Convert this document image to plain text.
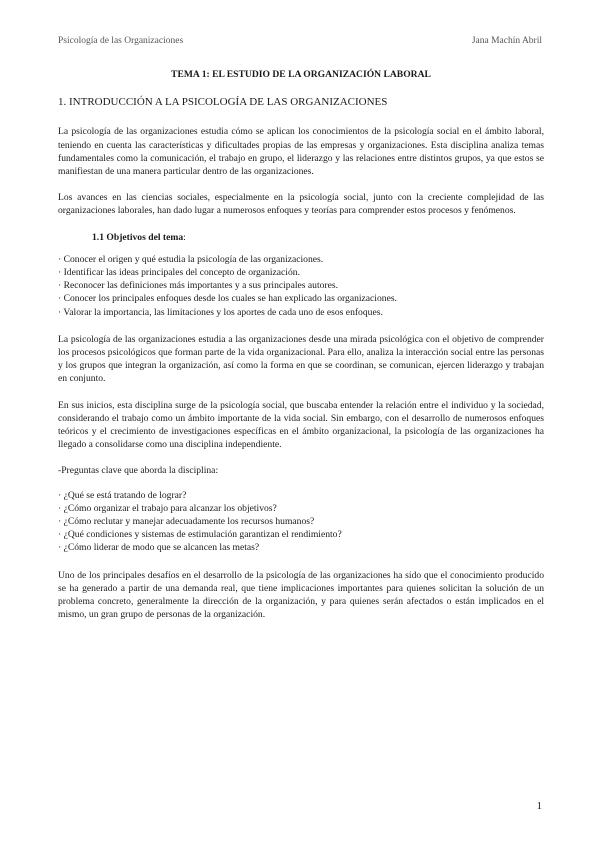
Psicología de las Organizaciones	Jana Machín Abril
TEMA 1: EL ESTUDIO DE LA ORGANIZACIÓN LABORAL
1. INTRODUCCIÓN A LA PSICOLOGÍA DE LAS ORGANIZACIONES

La psicología de las organizaciones estudia cómo se aplican los conocimientos de la psicología social en el ámbito laboral, teniendo en cuenta las características y dificultades propias de las empresas y organizaciones. Esta disciplina analiza temas fundamentales como la comunicación, el trabajo en grupo, el liderazgo y las relaciones entre distintos grupos, ya que estos se manifiestan de una manera particular dentro de las organizaciones.

Los avances en las ciencias sociales, especialmente en la psicología social, junto con la creciente complejidad de las organizaciones laborales, han dado lugar a numerosos enfoques y teorías para comprender estos procesos y fenómenos.

1.1 Objetivos del tema:
· Conocer el origen y qué estudia la psicología de las organizaciones.
· Identificar las ideas principales del concepto de organización.
· Reconocer las definiciones más importantes y a sus principales autores.
· Conocer los principales enfoques desde los cuales se han explicado las organizaciones.
· Valorar la importancia, las limitaciones y los aportes de cada uno de esos enfoques.

La psicología de las organizaciones estudia a las organizaciones desde una mirada psicológica con el objetivo de comprender los procesos psicológicos que forman parte de la vida organizacional. Para ello, analiza la interacción social entre las personas y los grupos que integran la organización, así como la forma en que se coordinan, se comunican, ejercen liderazgo y trabajan en conjunto.

En sus inicios, esta disciplina surge de la psicología social, que buscaba entender la relación entre el individuo y la sociedad, considerando el trabajo como un ámbito importante de la vida social. Sin embargo, con el desarrollo de numerosos enfoques teóricos y el crecimiento de investigaciones específicas en el ámbito organizacional, la psicología de las organizaciones ha llegado a consolidarse como una disciplina independiente.

-Preguntas clave que aborda la disciplina:
· ¿Qué se está tratando de lograr?
· ¿Cómo organizar el trabajo para alcanzar los objetivos?
· ¿Cómo reclutar y manejar adecuadamente los recursos humanos?
· ¿Qué condiciones y sistemas de estimulación garantizan el rendimiento?
· ¿Cómo liderar de modo que se alcancen las metas?

Uno de los principales desafíos en el desarrollo de la psicología de las organizaciones ha sido que el conocimiento producido se ha generado a partir de una demanda real, que tiene implicaciones importantes para quienes solicitan la solución de un problema concreto, generalmente la dirección de la organización, y para quienes serán afectados o están implicados en el mismo, un gran grupo de personas de la organización.

1
